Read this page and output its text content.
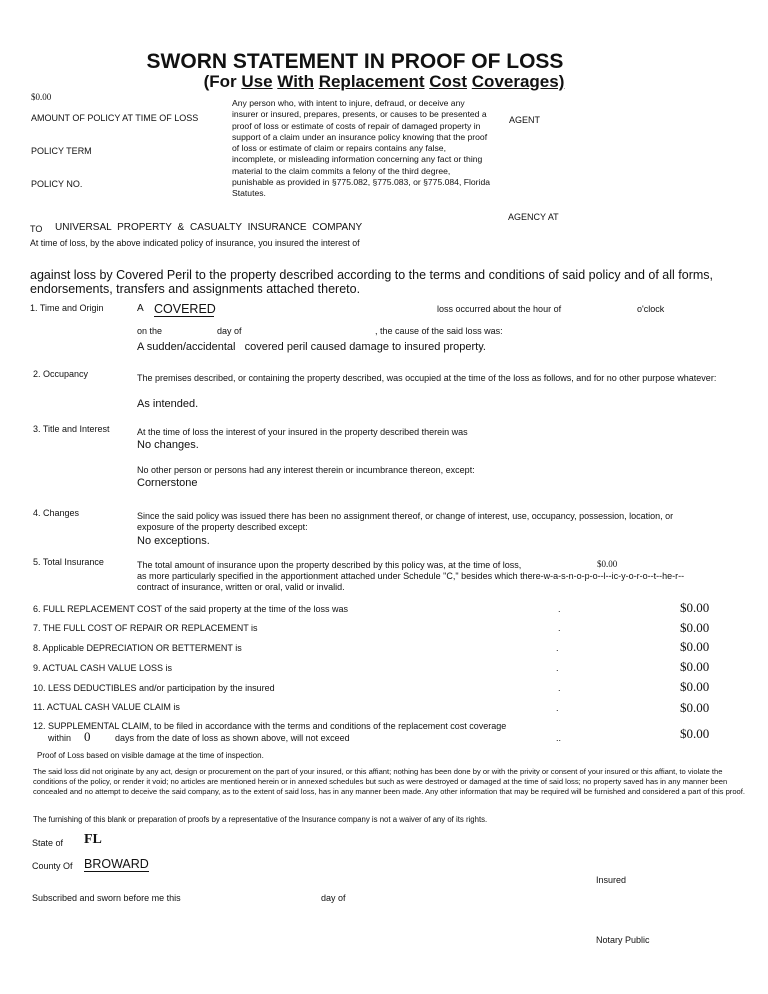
SWORN STATEMENT IN PROOF OF LOSS
(For Use With Replacement Cost Coverages)
$0.00
AMOUNT OF POLICY AT TIME OF LOSS
POLICY TERM
POLICY NO.
Any person who, with intent to injure, defraud, or deceive any insurer or insured, prepares, presents, or causes to be presented a proof of loss or estimate of costs of repair of damaged property in support of a claim under an insurance policy knowing that the proof of loss or estimate of claim or repairs contains any false, incomplete, or misleading information concerning any fact or thing material to the claim commits a felony of the third degree, punishable as provided in §775.082, §775.083, or §775.084, Florida Statutes.
AGENT
AGENCY AT
TO UNIVERSAL PROPERTY & CASUALTY INSURANCE COMPANY
At time of loss, by the above indicated policy of insurance, you insured the interest of
against loss by Covered Peril to the property described according to the terms and conditions of said policy and of all forms, endorsements, transfers and assignments attached thereto.
1. Time and Origin	A COVERED	loss occurred about the hour of	o'clock
on the	day of	, the cause of the said loss was:
A sudden/accidental   covered peril caused damage to insured property.
2. Occupancy	The premises described, or containing the property described, was occupied at the time of the loss as follows, and for no other purpose whatever:
As intended.
3. Title and Interest	At the time of loss the interest of your insured in the property described therein was
No changes.
No other person or persons had any interest therein or incumbrance thereon, except:
Cornerstone
4. Changes	Since the said policy was issued there has been no assignment thereof, or change of interest, use, occupancy, possession, location, or exposure of the property described except:
No exceptions.
5. Total Insurance	The total amount of insurance upon the property described by this policy was, at the time of loss,	$0.00
as more particularly specified in the apportionment attached under Schedule "C," besides which there-w-a-s-n-o-p-o--l--ic-y-o-r-o--t--he-r--
contract of insurance, written or oral, valid or invalid.
6. FULL REPLACEMENT COST of the said property at the time of the loss was	.	$0.00
7. THE FULL COST OF REPAIR OR REPLACEMENT is	.	$0.00
8. Applicable DEPRECIATION OR BETTERMENT is	.	$0.00
9. ACTUAL CASH VALUE LOSS is	.	$0.00
10. LESS DEDUCTIBLES and/or participation by the insured	.	$0.00
11. ACTUAL CASH VALUE CLAIM is	.	$0.00
12. SUPPLEMENTAL CLAIM, to be filed in accordance with the terms and conditions of the replacement cost coverage
within 0	days from the date of loss as shown above, will not exceed	..	$0.00
Proof of Loss based on visible damage at the time of inspection.
The said loss did not originate by any act, design or procurement on the part of your insured, or this affiant; nothing has been done by or with the privity or consent of your insured or this affiant, to violate the conditions of the policy, or render it void; no articles are mentioned herein or in annexed schedules but such as were destroyed or damaged at the time of said loss; no property saved has in any manner been concealed and no attempt to deceive the said company, as to the extent of said loss, has in any manner been made. Any other information that may be required will be furnished and considered a part of this proof.
The furnishing of this blank or preparation of proofs by a representative of the Insurance company is not a waiver of any of its rights.
State of FL
County Of BROWARD
Insured
Subscribed and sworn before me this	day of
Notary Public
